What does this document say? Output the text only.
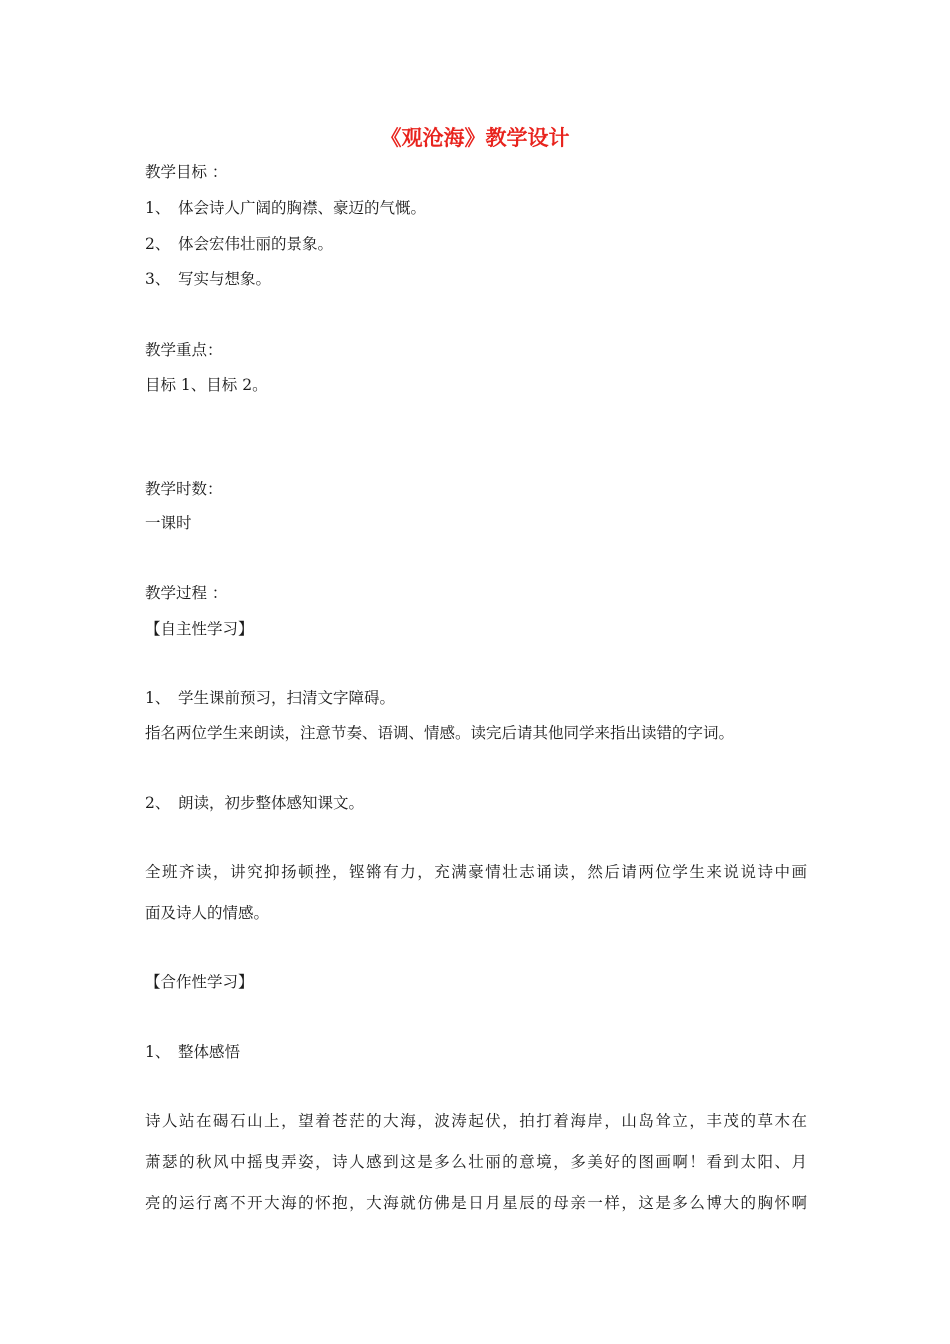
《观沧海》教学设计
教学目标 ：
1、 体会诗人广阔的胸襟、豪迈的气慨。
2、 体会宏伟壮丽的景象。
3、 写实与想象。
教学重点：
目标 1、目标 2。
教学时数：
一课时
教学过程 ：
【自主性学习】
1、 学生课前预习，扫清文字障碍。
指名两位学生来朗读，注意节奏、语调、情感。读完后请其他同学来指出读错的字词。
2、 朗读，初步整体感知课文。
全班齐读，讲究抑扬顿挫，铿锵有力，充满豪情壮志诵读，然后请两位学生来说说诗中画
面及诗人的情感。
【合作性学习】
1、 整体感悟
诗人站在碣石山上，望着苍茫的大海，波涛起伏，拍打着海岸，山岛耸立，丰茂的草木在
萧瑟的秋风中摇曳弄姿，诗人感到这是多么壮丽的意境，多美好的图画啊！看到太阳、月
亮的运行离不开大海的怀抱，大海就仿佛是日月星辰的母亲一样，这是多么博大的胸怀啊
